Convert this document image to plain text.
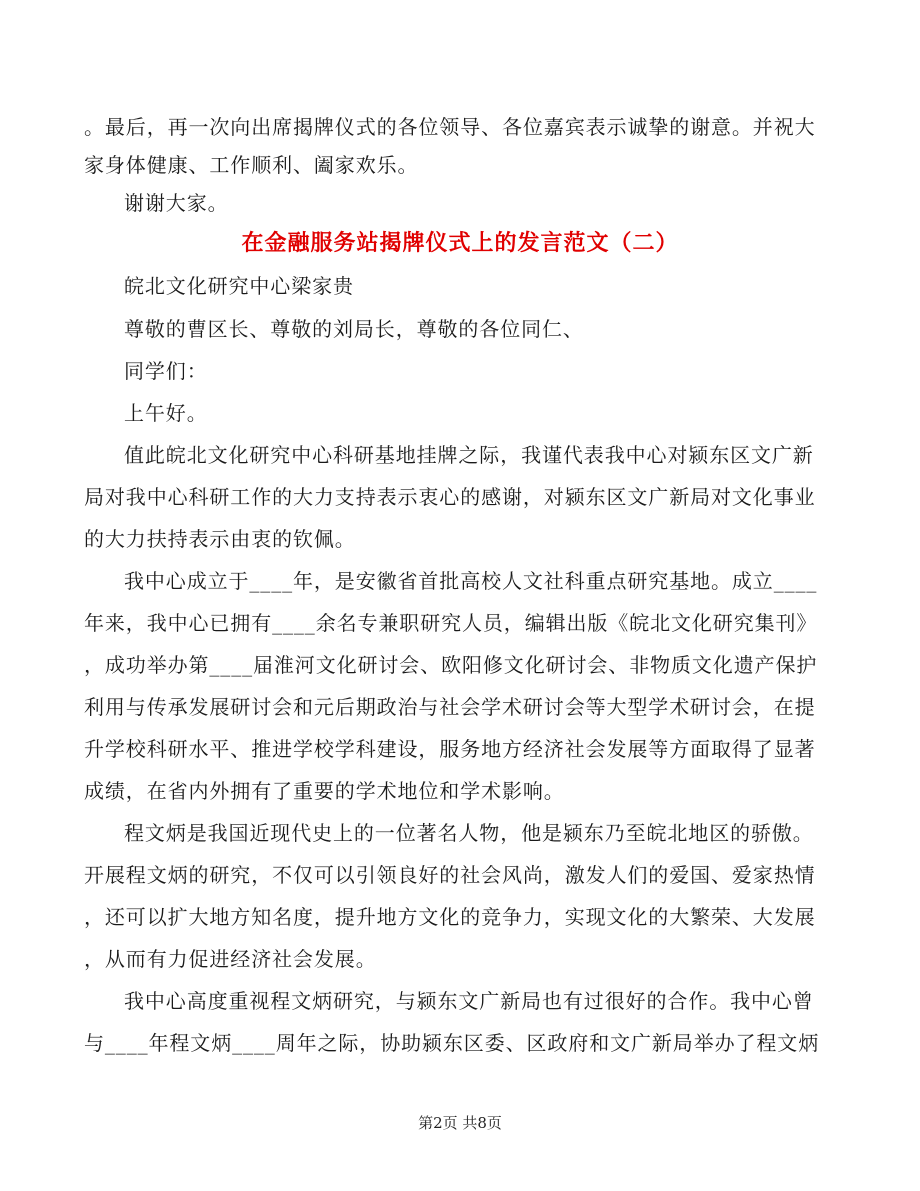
。最后，再一次向出席揭牌仪式的各位领导、各位嘉宾表示诚挚的谢意。并祝大
家身体健康、工作顺利、阖家欢乐。
谢谢大家。
在金融服务站揭牌仪式上的发言范文（二）
皖北文化研究中心梁家贵
尊敬的曹区长、尊敬的刘局长，尊敬的各位同仁、
同学们：
上午好。
值此皖北文化研究中心科研基地挂牌之际，我谨代表我中心对颍东区文广新
局对我中心科研工作的大力支持表示衷心的感谢，对颍东区文广新局对文化事业
的大力扶持表示由衷的钦佩。
我中心成立于____年，是安徽省首批高校人文社科重点研究基地。成立____
年来，我中心已拥有____余名专兼职研究人员，编辑出版《皖北文化研究集刊》
，成功举办第____届淮河文化研讨会、欧阳修文化研讨会、非物质文化遗产保护
利用与传承发展研讨会和元后期政治与社会学术研讨会等大型学术研讨会，在提
升学校科研水平、推进学校学科建设，服务地方经济社会发展等方面取得了显著
成绩，在省内外拥有了重要的学术地位和学术影响。
程文炳是我国近现代史上的一位著名人物，他是颍东乃至皖北地区的骄傲。
开展程文炳的研究，不仅可以引领良好的社会风尚，激发人们的爱国、爱家热情
，还可以扩大地方知名度，提升地方文化的竞争力，实现文化的大繁荣、大发展
，从而有力促进经济社会发展。
我中心高度重视程文炳研究，与颍东文广新局也有过很好的合作。我中心曾
与____年程文炳____周年之际，协助颍东区委、区政府和文广新局举办了程文炳
第2页 共8页
